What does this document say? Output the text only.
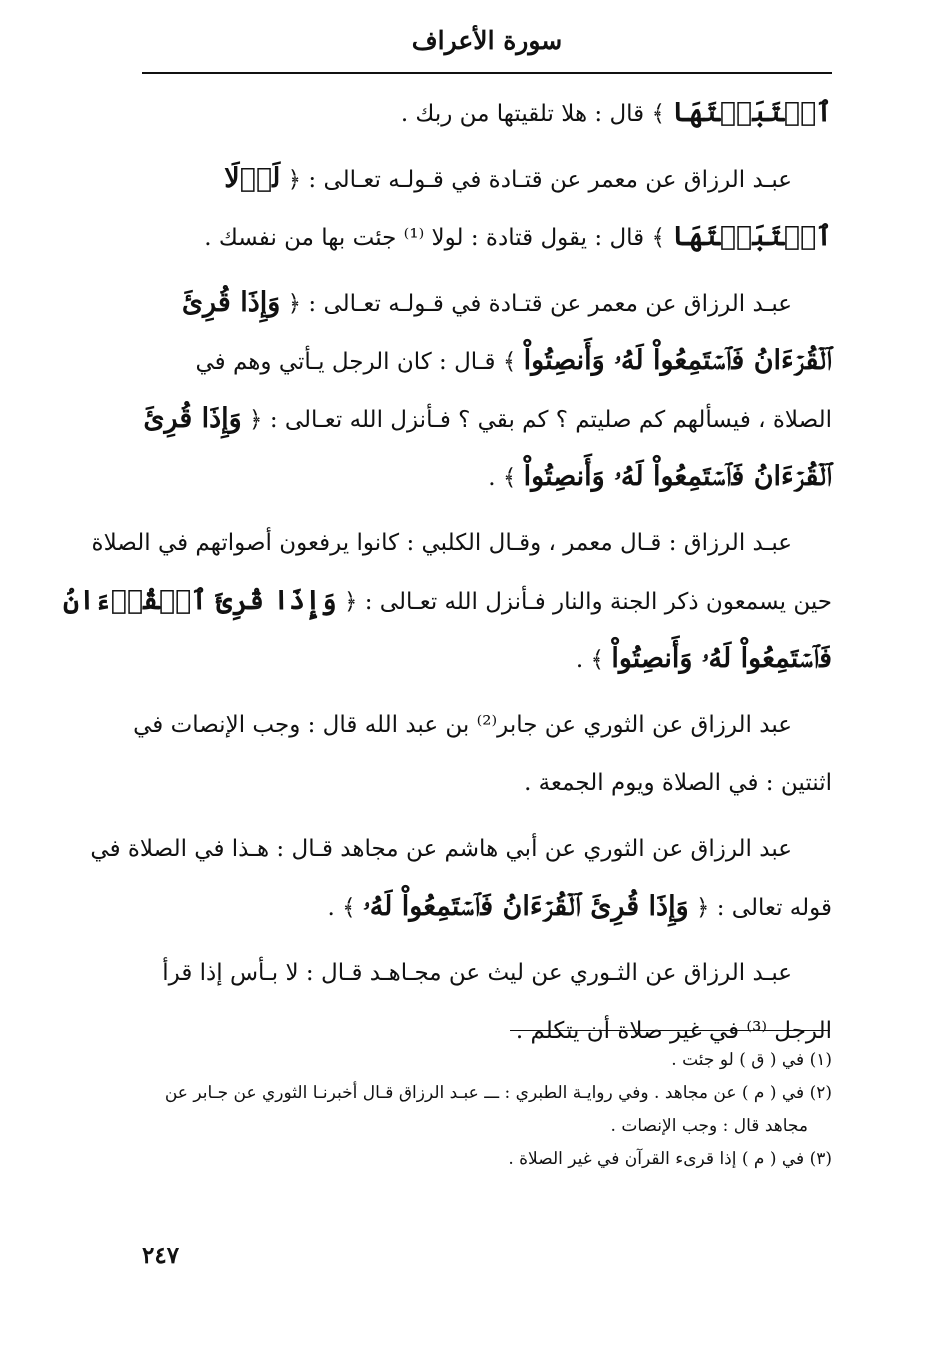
سورة الأعراف
ٱجۡتَبَيۡتَهَا ﴾ قال : هلا تلقيتها من ربك .
عبـد الرزاق عن معمر عن قتـادة في قـولـه تعـالى : ﴿ لَوۡلَا
ٱجۡتَبَيۡتَهَا ﴾ قال : يقول قتادة : لولا ⁽¹⁾ جئت بها من نفسك .
عبـد الرزاق عن معمر عن قتـادة في قـولـه تعـالى : ﴿ وَإِذَا قُرِئَ
ٱلۡقُرۡءَانُ فَٱسۡتَمِعُواْ لَهُۥ وَأَنصِتُواْ ﴾ قـال : كان الرجل يـأتي وهم في
الصلاة ، فيسألهم كم صليتم ؟ كم بقي ؟ فـأنزل الله تعـالى : ﴿ وَإِذَا قُرِئَ
ٱلۡقُرۡءَانُ فَٱسۡتَمِعُواْ لَهُۥ وَأَنصِتُواْ ﴾ .
عبـد الرزاق : قـال معمر ، وقـال الكلبي : كانوا يرفعون أصواتهم في الصلاة
حين يسمعون ذكر الجنة والنار فـأنزل الله تعـالى : ﴿ وَإِذَا قُرِئَ ٱلۡقُرۡءَانُ
فَٱسۡتَمِعُواْ لَهُۥ وَأَنصِتُواْ ﴾ .
عبد الرزاق عن الثوري عن جابر⁽²⁾ بن عبد الله قال : وجب الإنصات في
اثنتين : في الصلاة ويوم الجمعة .
عبد الرزاق عن الثوري عن أبي هاشم عن مجاهد قـال : هـذا في الصلاة في
قوله تعالى : ﴿ وَإِذَا قُرِئَ ٱلۡقُرۡءَانُ فَٱسۡتَمِعُواْ لَهُۥ ﴾ .
عبـد الرزاق عن الثـوري عن ليث عن مجـاهـد قـال : لا بـأس إذا قرأ
الرجل ⁽³⁾ في غير صلاة أن يتكلم .
(١) في ( ق ) لو جئت .
(٢) في ( م ) عن مجاهد . وفي روايـة الطبري : ـــ عبـد الرزاق قـال أخبرنـا الثوري عن جـابر عن
مجاهد قال : وجب الإنصات .
(٣) في ( م ) إذا قرىء القرآن في غير الصلاة .
٢٤٧
